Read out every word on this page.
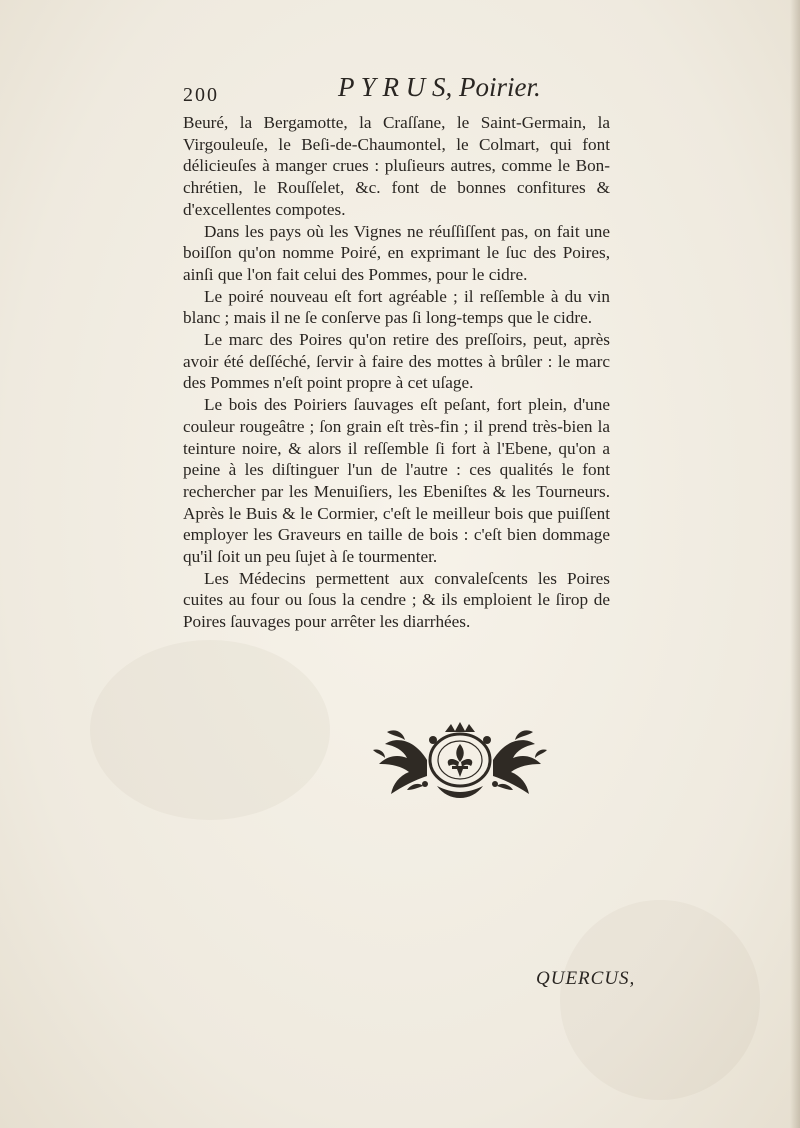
200	P Y R U S, Poirier.

Beuré, la Bergamotte, la Craſſane, le Saint-Germain, la Virgouleuſe, le Beſi-de-Chaumontel, le Colmart, qui font délicieuſes à manger crues : pluſieurs autres, comme le Bon-chrétien, le Rouſſelet, &c. font de bonnes confitures & d'excellentes compotes.

Dans les pays où les Vignes ne réuſſiſſent pas, on fait une boiſſon qu'on nomme Poiré, en exprimant le ſuc des Poires, ainſi que l'on fait celui des Pommes, pour le cidre.

Le poiré nouveau eſt fort agréable ; il reſſemble à du vin blanc ; mais il ne ſe conſerve pas ſi long-temps que le cidre.

Le marc des Poires qu'on retire des preſſoirs, peut, après avoir été deſſéché, ſervir à faire des mottes à brûler : le marc des Pommes n'eſt point propre à cet uſage.

Le bois des Poiriers ſauvages eſt peſant, fort plein, d'une couleur rougeâtre ; ſon grain eſt très-fin ; il prend très-bien la teinture noire, & alors il reſſemble ſi fort à l'Ebene, qu'on a peine à les diſtinguer l'un de l'autre : ces qualités le font rechercher par les Menuiſiers, les Ebeniſtes & les Tourneurs. Après le Buis & le Cormier, c'eſt le meilleur bois que puiſſent employer les Graveurs en taille de bois : c'eſt bien dommage qu'il ſoit un peu ſujet à ſe tourmenter.

Les Médecins permettent aux convaleſcents les Poires cuites au four ou ſous la cendre ; & ils emploient le ſirop de Poires ſauvages pour arrêter les diarrhées.

QUERCUS,
